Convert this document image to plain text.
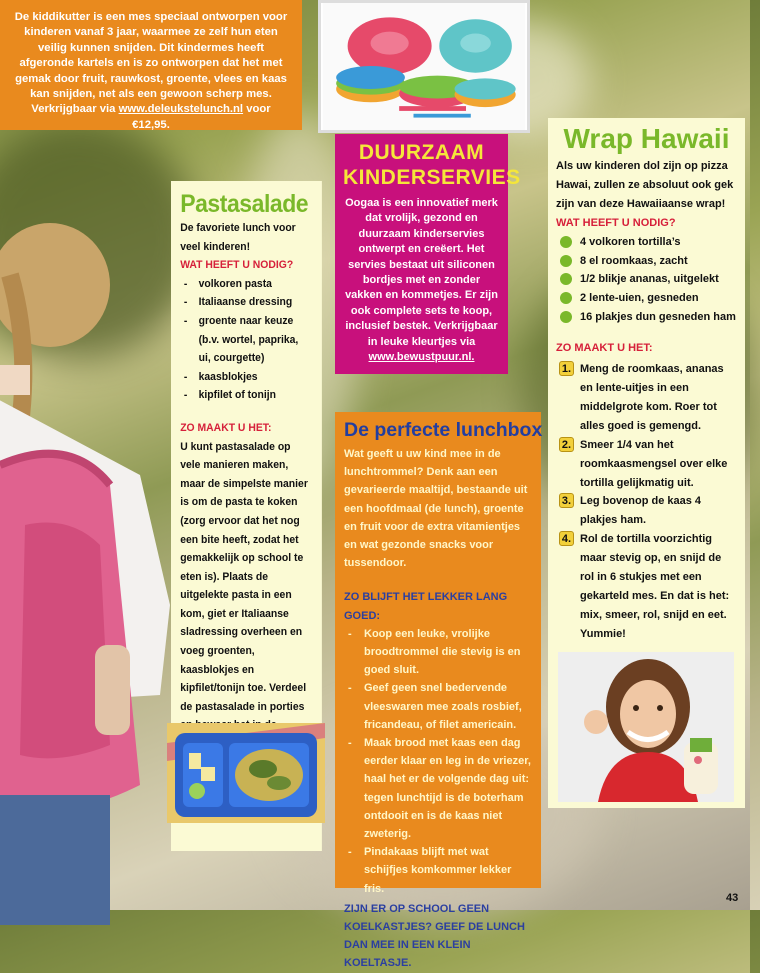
De kiddikutter is een mes speciaal ontworpen voor kinderen vanaf 3 jaar, waarmee ze zelf hun eten veilig kunnen snijden. Dit kindermes heeft afgeronde kartels en is zo ontworpen dat het met gemak door fruit, rauwkost, groente, vlees en kaas kan snijden, net als een gewoon scherp mes. Verkrijgbaar via www.deleukstelunch.nl voor €12,95.
DUURZAAM KINDERSERVIES
Oogaa is een innovatief merk dat vrolijk, gezond en duurzaam kinderservies ontwerpt en creëert. Het servies bestaat uit siliconen bordjes met en zonder vakken en kommetjes. Er zijn ook complete sets te koop, inclusief bestek. Verkrijgbaar in leuke kleurtjes via www.bewustpuur.nl.
Pastasalade
De favoriete lunch voor veel kinderen!
WAT HEEFT U NODIG?
- volkoren pasta
- Italiaanse dressing
- groente naar keuze (b.v. wortel, paprika, ui, courgette)
- kaasblokjes
- kipfilet of tonijn
ZO MAAKT U HET:
U kunt pastasalade op vele manieren maken, maar de simpelste manier is om de pasta te koken (zorg ervoor dat het nog een bite heeft, zodat het gemakkelijk op school te eten is). Plaats de uitgelekte pasta in een kom, giet er Italiaanse sladressing overheen en voeg groenten, kaasblokjes en kipfilet/tonijn toe. Verdeel de pastasalade in porties
De perfecte lunchbox
Wat geeft u uw kind mee in de lunchtrommel? Denk aan een gevarieerde maaltijd, bestaande uit een hoofdmaal (de lunch), groente en fruit voor de extra vitamientjes en wat gezonde snacks voor tussendoor.
ZO BLIJFT HET LEKKER LANG GOED:
- Koop een leuke, vrolijke broodtrommel die stevig is en goed sluit.
- Geef geen snel bedervende vleeswaren mee zoals rosbief, fricandeau, of filet americain.
- Maak brood met kaas een dag eerder klaar en leg in de vriezer, haal het er de volgende dag uit: tegen lunchtijd is de boterham ontdooit en is de kaas niet zweterig.
- Pindakaas blijft met wat schijfjes komkommer lekker fris.
ZIJN ER OP SCHOOL GEEN KOELKASTJES? GEEF DE LUNCH DAN MEE IN EEN KLEIN KOELTASJE.
Wrap Hawaii
Als uw kinderen dol zijn op pizza Hawai, zullen ze absoluut ook gek zijn van deze Hawaiiaanse wrap!
WAT HEEFT U NODIG?
4 volkoren tortilla’s
8 el roomkaas, zacht
1/2 blikje ananas, uitgelekt
2 lente-uien, gesneden
16 plakjes dun gesneden ham
ZO MAAKT U HET:
1. Meng de roomkaas, ananas en lente-uitjes in een middelgrote kom. Roer tot alles goed is gemengd.
2. Smeer 1/4 van het roomkaasmengsel over elke tortilla gelijkmatig uit.
3. Leg bovenop de kaas 4 plakjes ham.
4. Rol de tortilla voorzichtig maar stevig op, en snijd de rol in 6 stukjes met een gekarteld mes. En dat is het: mix, smeer, rol, snijd en eet. Yummie!
43
